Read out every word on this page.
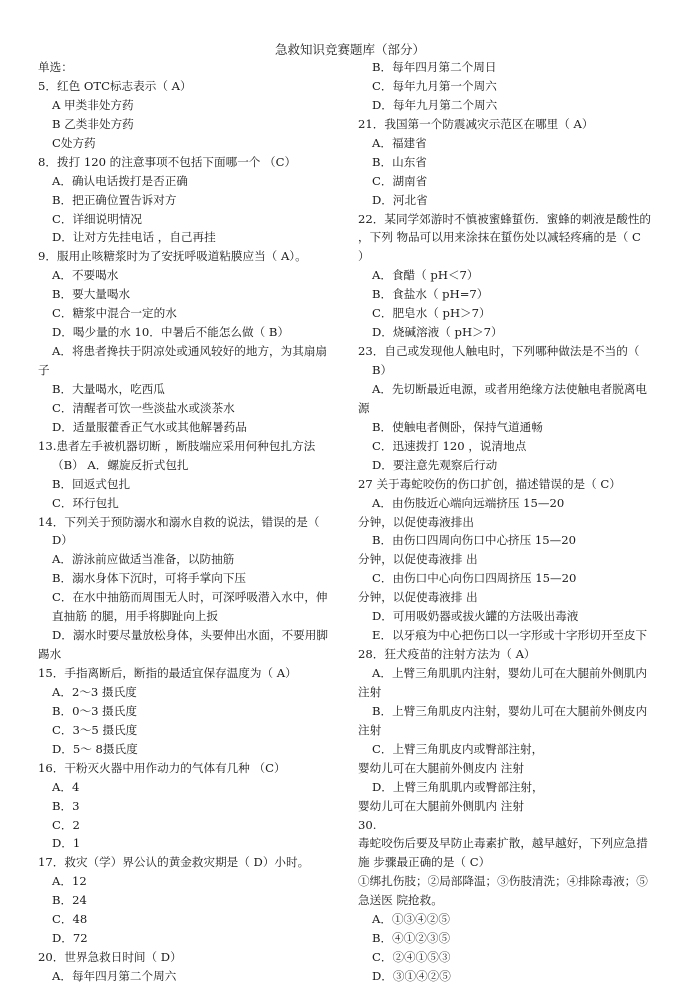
急救知识竞赛题库（部分）
单选：
5．红色 OTC标志表示（ A）
A 甲类非处方药
B 乙类非处方药
C处方药
8．拨打 120 的注意事项不包括下面哪一个 （C）
A．确认电话拨打是否正确
B．把正确位置告诉对方
C．详细说明情况
D．让对方先挂电话 ，自己再挂
9．服用止咳糖浆时为了安抚呼吸道粘膜应当（ A）。
A．不要喝水
B．要大量喝水
C．糖浆中混合一定的水
D．喝少量的水 10．中暑后不能怎么做（ B）
A．将患者搀扶于阴凉处或通风较好的地方，为其扇扇
子
B．大量喝水，吃西瓜
C．清醒者可饮一些淡盐水或淡茶水
D．适量服藿香正气水或其他解暑药品
13.患者左手被机器切断 ，断肢端应采用何种包扎方法
（B） A．螺旋反折式包扎
B．回返式包扎
C．环行包扎
14．下列关于预防溺水和溺水自救的说法，错误的是（
D）
A．游泳前应做适当准备，以防抽筋
B．溺水身体下沉时，可将手掌向下压
C．在水中抽筋而周围无人时，可深呼吸潜入水中，伸
直抽筋 的腿，用手将脚趾向上扳
D．溺水时要尽量放松身体，头要伸出水面，不要用脚
踢水
15．手指离断后，断指的最适宜保存温度为（ A）
A．2～3 摄氏度
B．0～3 摄氏度
C．3～5 摄氏度
D．5～ 8摄氏度
16．干粉灭火器中用作动力的气体有几种 （C）
A．4
B．3
C．2
D．1
17．救灾（学）界公认的黄金救灾期是（ D）小时。
A．12
B．24
C．48
D．72
20．世界急救日时间（ D）
A．每年四月第二个周六
B．每年四月第二个周日
C．每年九月第一个周六
D．每年九月第二个周六
21．我国第一个防震减灾示范区在哪里（ A）
A．福建省
B．山东省
C．湖南省
D．河北省
22．某同学郊游时不慎被蜜蜂蜇伤．蜜蜂的刺液是酸性的
，下列 物品可以用来涂抹在蜇伤处以减轻疼痛的是（ C
）
A．食醋（ pH＜7）
B．食盐水（ pH=7）
C．肥皂水（ pH＞7）
D．烧碱溶液（ pH＞7）
23．自己或发现他人触电时，下列哪种做法是不当的（
B）
A．先切断最近电源，或者用绝缘方法使触电者脱离电
源
B．使触电者侧卧，保持气道通畅
C．迅速拨打 120 ，说清地点
D．要注意先观察后行动
27 关于毒蛇咬伤的伤口扩创，描述错误的是（ C）
A．由伤肢近心端向远端挤压 15—20
分钟，以促使毒液排出
B．由伤口四周向伤口中心挤压 15—20
分钟，以促使毒液排 出
C．由伤口中心向伤口四周挤压 15—20
分钟，以促使毒液排 出
D．可用吸奶器或拔火罐的方法吸出毒液
E．以牙痕为中心把伤口以一字形或十字形切开至皮下
28．狂犬疫苗的注射方法为（ A）
A．上臂三角肌肌内注射，婴幼儿可在大腿前外侧肌内
注射
B．上臂三角肌皮内注射，婴幼儿可在大腿前外侧皮内
注射
C．上臂三角肌皮内或臀部注射，
婴幼儿可在大腿前外侧皮内 注射
D．上臂三角肌肌内或臀部注射，
婴幼儿可在大腿前外侧肌内 注射
30.
毒蛇咬伤后要及早防止毒素扩散，越早越好，下列应急措
施 步骤最正确的是（ C）
①绑扎伤肢；②局部降温；③伤肢清洗；④排除毒液；⑤
急送医 院抢救。
A．①③④②⑤
B．④①②③⑤
C．②④①⑤③
D．③①④②⑤
